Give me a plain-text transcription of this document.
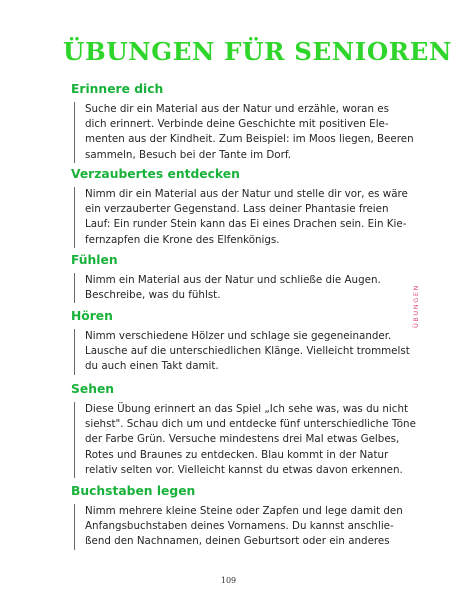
ÜBUNGEN FÜR SENIOREN
Erinnere dich
Suche dir ein Material aus der Natur und erzähle, woran es
dich erinnert. Verbinde deine Geschichte mit positiven Ele-
menten aus der Kindheit. Zum Beispiel: im Moos liegen, Beeren
sammeln, Besuch bei der Tante im Dorf.
Verzaubertes entdecken
Nimm dir ein Material aus der Natur und stelle dir vor, es wäre
ein verzauberter Gegenstand. Lass deiner Phantasie freien
Lauf: Ein runder Stein kann das Ei eines Drachen sein. Ein Kie-
fernzapfen die Krone des Elfenkönigs.
Fühlen
Nimm ein Material aus der Natur und schließe die Augen.
Beschreibe, was du fühlst.
Hören
Nimm verschiedene Hölzer und schlage sie gegeneinander.
Lausche auf die unterschiedlichen Klänge. Vielleicht trommelst
du auch einen Takt damit.
Sehen
Diese Übung erinnert an das Spiel „Ich sehe was, was du nicht
siehst". Schau dich um und entdecke fünf unterschiedliche Töne
der Farbe Grün. Versuche mindestens drei Mal etwas Gelbes,
Rotes und Braunes zu entdecken. Blau kommt in der Natur
relativ selten vor. Vielleicht kannst du etwas davon erkennen.
Buchstaben legen
Nimm mehrere kleine Steine oder Zapfen und lege damit den
Anfangsbuchstaben deines Vornamens. Du kannst anschlie-
ßend den Nachnamen, deinen Geburtsort oder ein anderes
ÜBUNGEN
109
